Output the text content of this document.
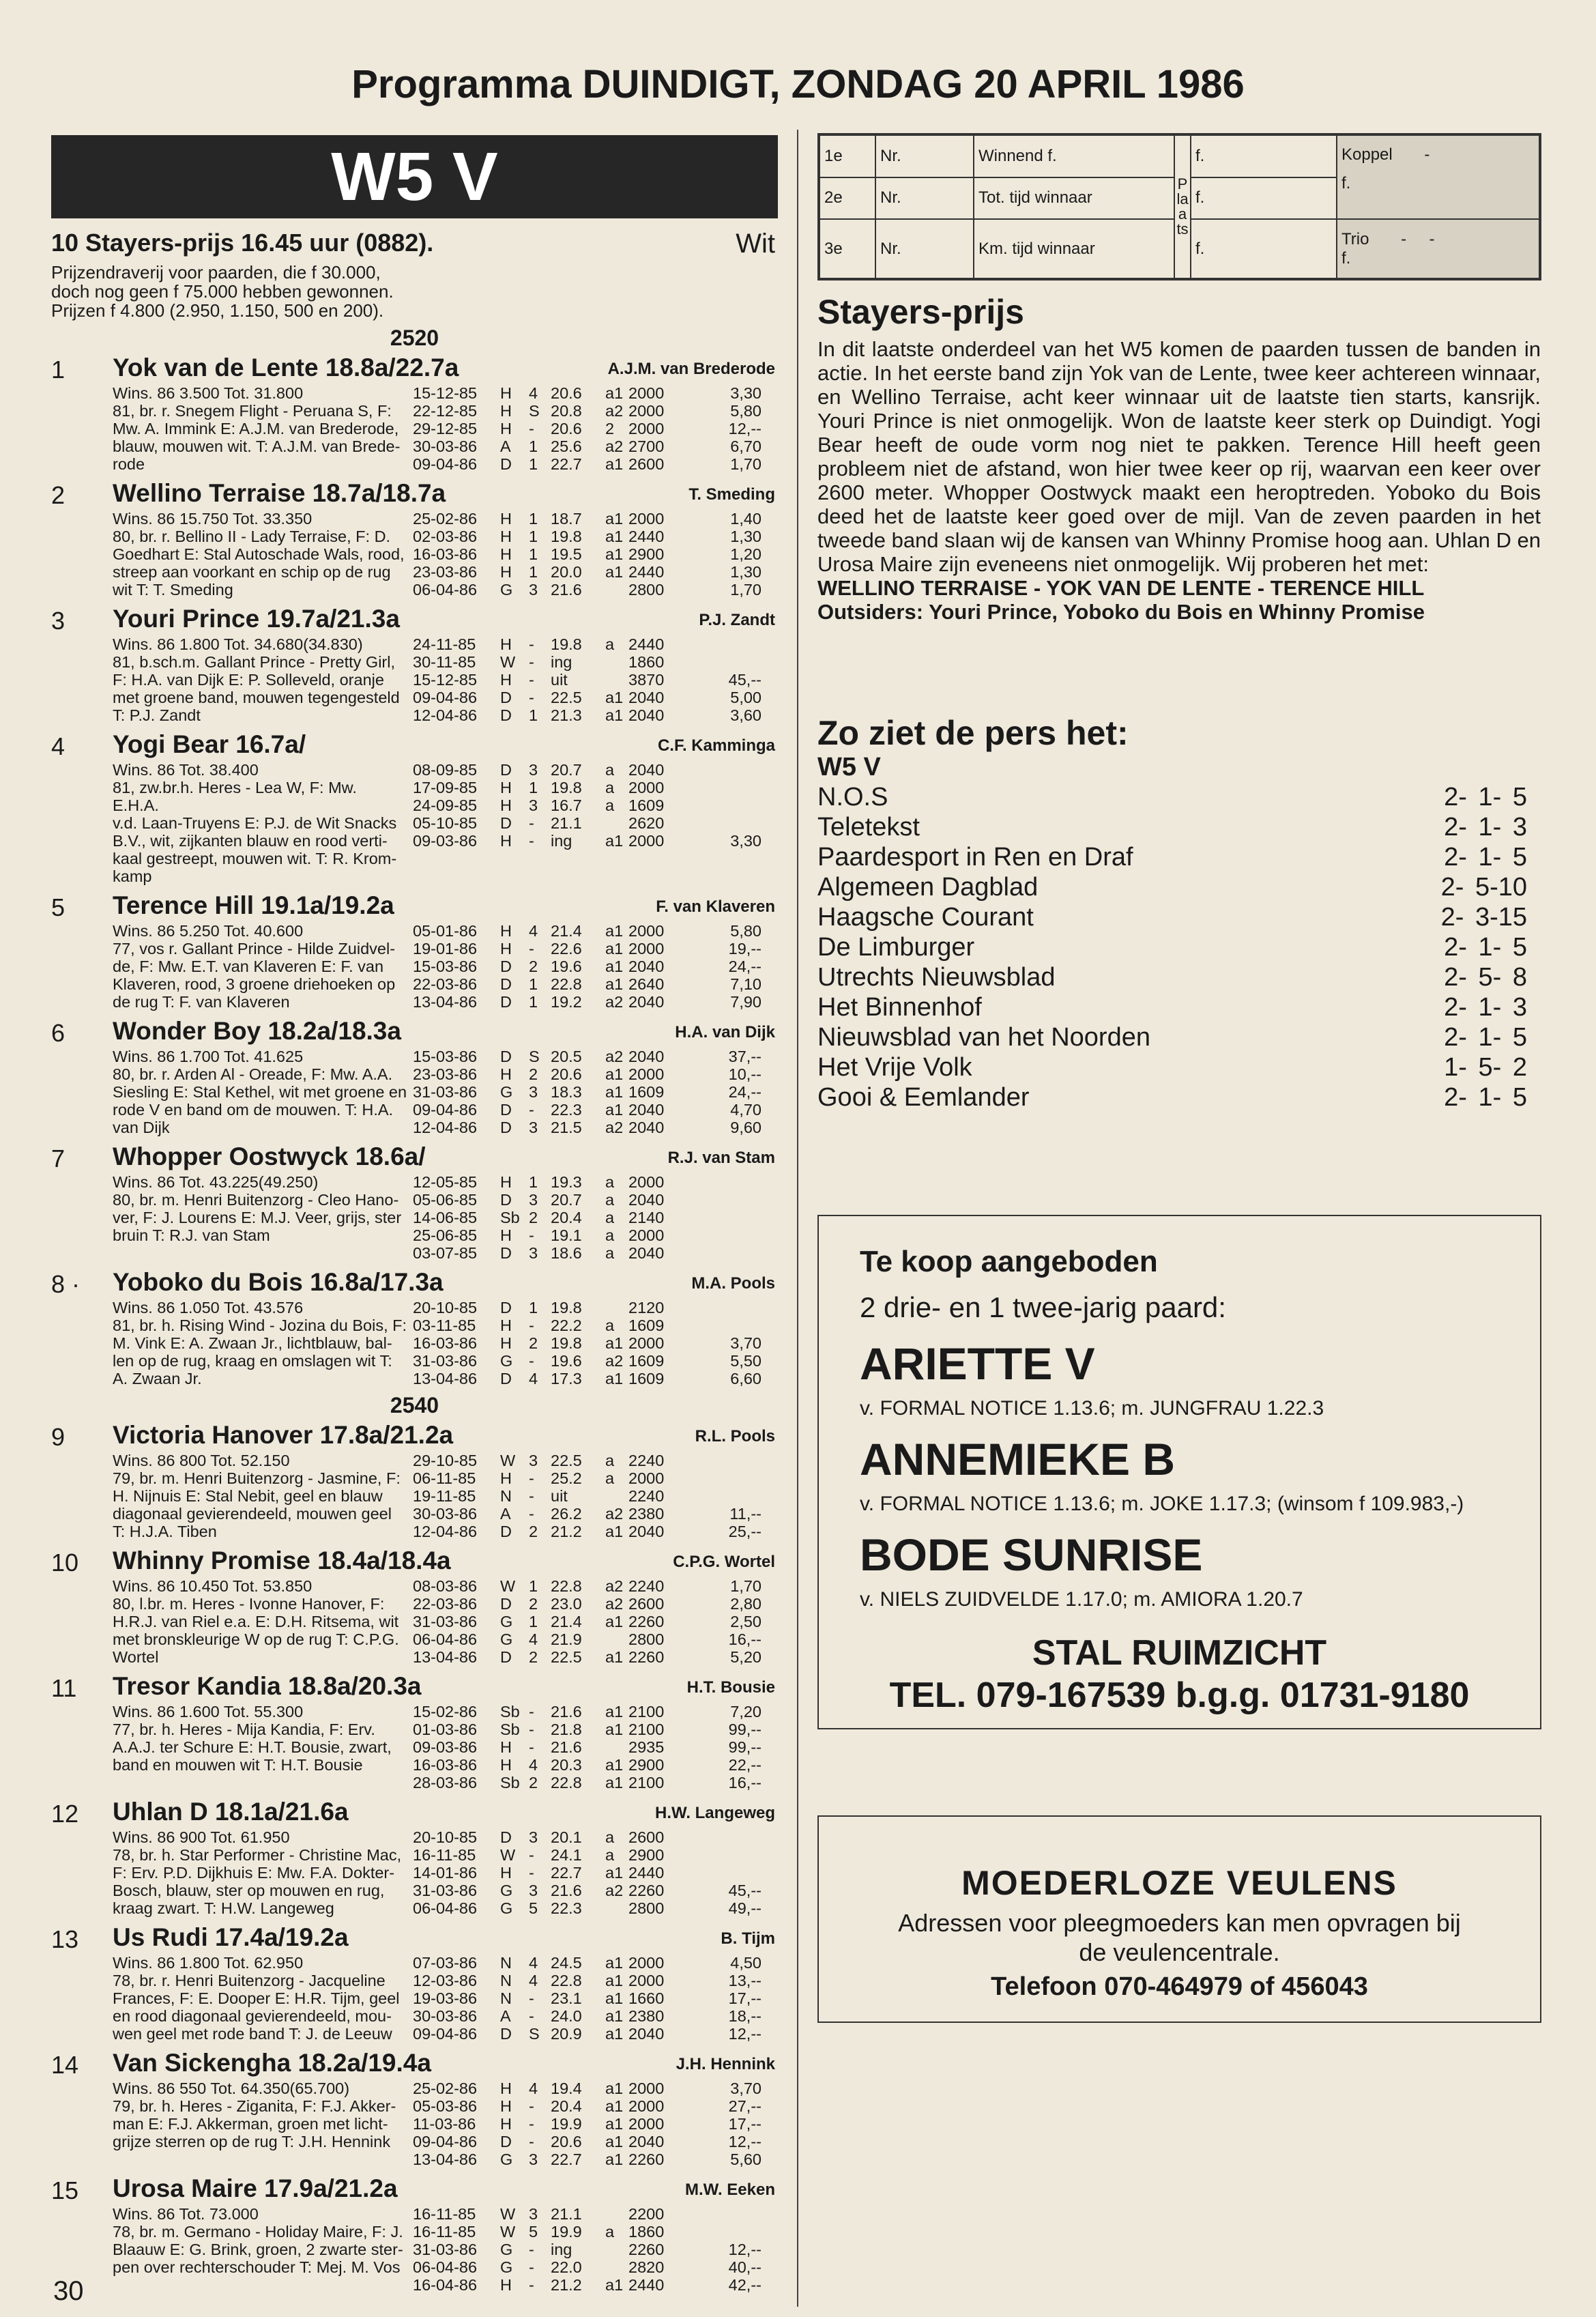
Programma DUINDIGT, ZONDAG 20 APRIL 1986
W5 V
10 Stayers-prijs 16.45 uur (0882).	Wit
Prijzendraverij voor paarden, die f 30.000,
doch nog geen f 75.000 hebben gewonnen.
Prijzen f 4.800 (2.950, 1.150, 500 en 200).
2520
1	Yok van de Lente 18.8a/22.7a	A.J.M. van Brederode
Wins. 86 3.500 Tot. 31.800
81, br. r. Snegem Flight - Peruana S, F:
Mw. A. Immink E: A.J.M. van Brederode,
blauw, mouwen wit. T: A.J.M. van Brede-
rode
15-12-85	H	4 20.6	a1 2000	3,30
22-12-85	H	S 20.8	a2 2000	5,80
29-12-85	H	-	20.6	2 2000	12,--
30-03-86	A	1 25.6	a2 2700	6,70
09-04-86	D	1 22.7	a1 2600	1,70
2	Wellino Terraise 18.7a/18.7a	T. Smeding
Wins. 86 15.750 Tot. 33.350
80, br. r. Bellino II - Lady Terraise, F: D.
Goedhart E: Stal Autoschade Wals, rood,
streep aan voorkant en schip op de rug
wit T: T. Smeding
25-02-86	H	1 18.7	a1 2000	1,40
02-03-86	H	1 19.8	a1 2440	1,30
16-03-86	H	1 19.5	a1 2900	1,20
23-03-86	H	1 20.0	a1 2440	1,30
06-04-86	G	3 21.6	2800	1,70
3	Youri Prince 19.7a/21.3a	P.J. Zandt
Wins. 86 1.800 Tot. 34.680(34.830)
81, b.sch.m. Gallant Prince - Pretty Girl,
F: H.A. van Dijk E: P. Solleveld, oranje
met groene band, mouwen tegengesteld
T: P.J. Zandt
24-11-85	H	-	19.8	a 2440
30-11-85	W -	ing	1860
15-12-85	H	-	uit	3870	45,--
09-04-86	D	-	22.5	a1 2040	5,00
12-04-86	D	1 21.3	a1 2040	3,60
4	Yogi Bear 16.7a/	C.F. Kamminga
Wins. 86 Tot. 38.400
81, zw.br.h. Heres - Lea W, F: Mw. E.H.A.
v.d. Laan-Truyens E: P.J. de Wit Snacks
B.V., wit, zijkanten blauw en rood verti-
kaal gestreept, mouwen wit. T: R. Krom-
kamp
08-09-85	D	3 20.7	a 2040
17-09-85	H	1 19.8	a 2000
24-09-85	H	3 16.7	a 1609
05-10-85	D	-	21.1	2620
09-03-86	H	-	ing	a1 2000	3,30
5	Terence Hill 19.1a/19.2a	F. van Klaveren
Wins. 86 5.250 Tot. 40.600
77, vos r. Gallant Prince - Hilde Zuidvel-
de, F: Mw. E.T. van Klaveren E: F. van
Klaveren, rood, 3 groene driehoeken op
de rug T: F. van Klaveren
05-01-86	H	4 21.4	a1 2000	5,80
19-01-86	H	-	22.6	a1 2000	19,--
15-03-86	D	2 19.6	a1 2040	24,--
22-03-86	D	1 22.8	a1 2640	7,10
13-04-86	D	1 19.2	a2 2040	7,90
6	Wonder Boy 18.2a/18.3a	H.A. van Dijk
Wins. 86 1.700 Tot. 41.625
80, br. r. Arden Al - Oreade, F: Mw. A.A.
Siesling E: Stal Kethel, wit met groene en
rode V en band om de mouwen. T: H.A.
van Dijk
15-03-86	D	S 20.5	a2 2040	37,--
23-03-86	H	2 20.6	a1 2000	10,--
31-03-86	G	3 18.3	a1 1609	24,--
09-04-86	D	-	22.3	a1 2040	4,70
12-04-86	D	3 21.5	a2 2040	9,60
7	Whopper Oostwyck 18.6a/	R.J. van Stam
Wins. 86 Tot. 43.225(49.250)
80, br. m. Henri Buitenzorg - Cleo Hano-
ver, F: J. Lourens E: M.J. Veer, grijs, ster
bruin T: R.J. van Stam
12-05-85	H	1 19.3	a 2000
05-06-85	D	3 20.7	a 2040
14-06-85	Sb 2 20.4	a 2140
25-06-85	H	-	19.1	a 2000
03-07-85	D	3 18.6	a 2040
8 · Yoboko du Bois 16.8a/17.3a	M.A. Pools
Wins. 86 1.050 Tot. 43.576
81, br. h. Rising Wind - Jozina du Bois, F:
M. Vink E: A. Zwaan Jr., lichtblauw, bal-
len op de rug, kraag en omslagen wit T:
A. Zwaan Jr.
20-10-85	D	1 19.8	2120
03-11-85	H	-	22.2	a 1609
16-03-86	H	2 19.8	a1 2000	3,70
31-03-86	G	-	19.6	a2 1609	5,50
13-04-86	D	4 17.3	a1 1609	6,60
2540
9	Victoria Hanover 17.8a/21.2a	R.L. Pools
Wins. 86 800 Tot. 52.150
79, br. m. Henri Buitenzorg - Jasmine, F:
H. Nijnuis E: Stal Nebit, geel en blauw
diagonaal gevierendeeld, mouwen geel
T: H.J.A. Tiben
29-10-85	W 3 22.5	a 2240
06-11-85	H	-	25.2	a 2000
19-11-85	N	-	uit	2240
30-03-86	A	-	26.2	a2 2380	11,--
12-04-86	D	2 21.2	a1 2040	25,--
10 Whinny Promise 18.4a/18.4a	C.P.G. Wortel
Wins. 86 10.450 Tot. 53.850
80, l.br. m. Heres - Ivonne Hanover, F:
H.R.J. van Riel e.a. E: D.H. Ritsema, wit
met bronskleurige W op de rug T: C.P.G.
Wortel
08-03-86	W 1 22.8	a2 2240	1,70
22-03-86	D	2 23.0	a2 2600	2,80
31-03-86	G	1 21.4	a1 2260	2,50
06-04-86	G	4 21.9	2800	16,--
13-04-86	D	2 22.5	a1 2260	5,20
11	Tresor Kandia 18.8a/20.3a	H.T. Bousie
Wins. 86 1.600 Tot. 55.300
77, br. h. Heres - Mija Kandia, F: Erv.
A.A.J. ter Schure E: H.T. Bousie, zwart,
band en mouwen wit T: H.T. Bousie
15-02-86	Sb -	21.6	a1 2100	7,20
01-03-86	Sb -	21.8	a1 2100	99,--
09-03-86	H	-	21.6	2935	99,--
16-03-86	H	4 20.3	a1 2900	22,--
28-03-86	Sb 2 22.8	a1 2100	16,--
12 Uhlan D 18.1a/21.6a	H.W. Langeweg
Wins. 86 900 Tot. 61.950
78, br. h. Star Performer - Christine Mac,
F: Erv. P.D. Dijkhuis E: Mw. F.A. Dokter-
Bosch, blauw, ster op mouwen en rug,
kraag zwart. T: H.W. Langeweg
20-10-85	D	3 20.1	a 2600
16-11-85	W -	24.1	a 2900
14-01-86	H	-	22.7	a1 2440
31-03-86	G	3 21.6	a2 2260	45,--
06-04-86	G	5 22.3	2800	49,--
13 Us Rudi 17.4a/19.2a	B. Tijm
Wins. 86 1.800 Tot. 62.950
78, br. r. Henri Buitenzorg - Jacqueline
Frances, F: E. Dooper E: H.R. Tijm, geel
en rood diagonaal gevierendeeld, mou-
wen geel met rode band T: J. de Leeuw
07-03-86	N	4 24.5	a1 2000	4,50
12-03-86	N	4 22.8	a1 2000	13,--
19-03-86	N	-	23.1	a1 1660	17,--
30-03-86	A	-	24.0	a1 2380	18,--
09-04-86	D	S 20.9	a1 2040	12,--
14 Van Sickengha 18.2a/19.4a	J.H. Hennink
Wins. 86 550 Tot. 64.350(65.700)
79, br. h. Heres - Ziganita, F: F.J. Akker-
man E: F.J. Akkerman, groen met licht-
grijze sterren op de rug T: J.H. Hennink
25-02-86	H	4 19.4	a1 2000	3,70
05-03-86	H	-	20.4	a1 2000	27,--
11-03-86	H	-	19.9	a1 2000	17,--
09-04-86	D	-	20.6	a1 2040	12,--
13-04-86	G	3 22.7	a1 2260	5,60
15 Urosa Maire 17.9a/21.2a	M.W. Eeken
Wins. 86 Tot. 73.000
78, br. m. Germano - Holiday Maire, F: J.
Blaauw E: G. Brink, groen, 2 zwarte ster-
pen over rechterschouder T: Mej. M. Vos
16-11-85	W 3 21.1	2200
16-11-85	W 5 19.9	a 1860
31-03-86	G	-	ing	2260	12,--
06-04-86	G	-	22.0	2820	40,--
16-04-86	H	-	21.2	a1 2440	42,--
30
1e	Nr.	Winnend f.	Plaats	f.	Koppel -
f.

2e	Nr.	Tot. tijd winnaar		f.	
3e	Nr.	Km. tijd winnaar		f.	Trio -     -
f.
Stayers-prijs
In dit laatste onderdeel van het W5 komen de paarden tussen de banden in actie. In het eerste band zijn Yok van de Lente, twee keer achtereen winnaar, en Wellino Terraise, acht keer winnaar uit de laatste tien starts, kansrijk. Youri Prince is niet onmogelijk. Won de laatste keer sterk op Duindigt. Yogi Bear heeft de oude vorm nog niet te pakken. Terence Hill heeft geen probleem niet de afstand, won hier twee keer op rij, waarvan een keer over 2600 meter. Whopper Oostwyck maakt een heroptreden. Yoboko du Bois deed het de laatste keer goed over de mijl. Van de zeven paarden in het tweede band slaan wij de kansen van Whinny Promise hoog aan. Uhlan D en Urosa Maire zijn eveneens niet onmogelijk. Wij proberen het met:
WELLINO TERRAISE - YOK VAN DE LENTE - TERENCE HILL
Outsiders: Youri Prince, Yoboko du Bois en Whinny Promise
Zo ziet de pers het:
W5 V
N.O.S	2- 1- 5
Teletekst	2- 1- 3
Paardesport in Ren en Draf	2- 1- 5
Algemeen Dagblad	2- 5-10
Haagsche Courant	2- 3-15
De Limburger	2- 1- 5
Utrechts Nieuwsblad	2- 5- 8
Het Binnenhof	2- 1- 3
Nieuwsblad van het Noorden	2- 1- 5
Het Vrije Volk	1- 5- 2
Gooi & Eemlander	2- 1- 5
Te koop aangeboden
2 drie- en 1 twee-jarig paard:
ARIETTE V
v. FORMAL NOTICE 1.13.6; m. JUNGFRAU 1.22.3
ANNEMIEKE B
v. FORMAL NOTICE 1.13.6; m. JOKE 1.17.3; (winsom f 109.983,-)
BODE SUNRISE
v. NIELS ZUIDVELDE 1.17.0; m. AMIORA 1.20.7
STAL RUIMZICHT
TEL. 079-167539 b.g.g. 01731-9180
MOEDERLOZE VEULENS
Adressen voor pleegmoeders kan men opvragen bij
de veulencentrale.
Telefoon 070-464979 of 456043
